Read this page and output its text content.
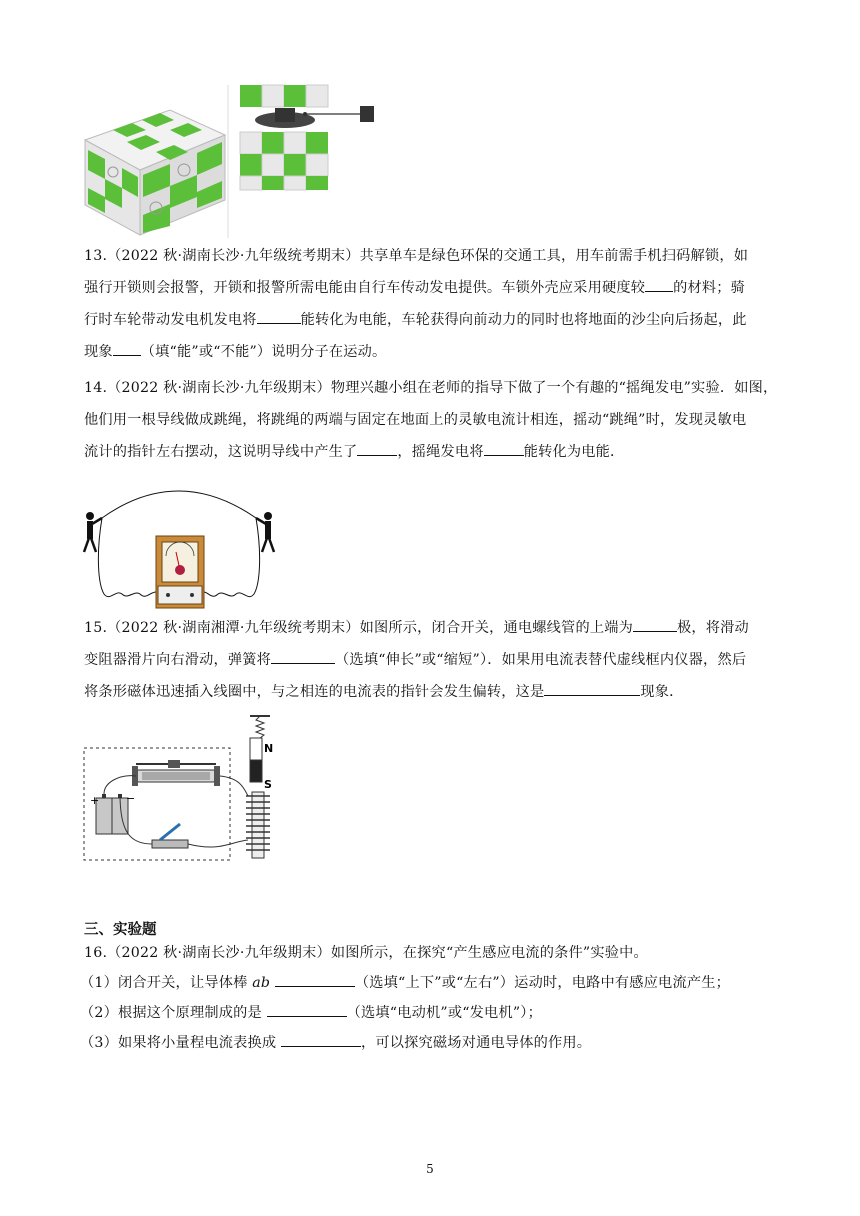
13.（2022 秋·湖南长沙·九年级统考期末）共享单车是绿色环保的交通工具，用车前需手机扫码解锁，如
强行开锁则会报警，开锁和报警所需电能由自行车传动发电提供。车锁外壳应采用硬度较 的材料；骑
行时车轮带动发电机发电将	能转化为电能，车轮获得向前动力的同时也将地面的沙尘向后扬起，此
现象 （填“能”或“不能”）说明分子在运动。
14.（2022 秋·湖南长沙·九年级期末）物理兴趣小组在老师的指导下做了一个有趣的“摇绳发电”实验．如图，
他们用一根导线做成跳绳，将跳绳的两端与固定在地面上的灵敏电流计相连，摇动“跳绳”时，发现灵敏电
流计的指针左右摆动，这说明导线中产生了	，摇绳发电将	能转化为电能．
15.（2022 秋·湖南湘潭·九年级统考期末）如图所示，闭合开关，通电螺线管的上端为	极，将滑动
变阻器滑片向右滑动，弹簧将	（选填“伸长”或“缩短”）．如果用电流表替代虚线框内仪器，然后
将条形磁体迅速插入线圈中，与之相连的电流表的指针会发生偏转，这是	现象．
+ −
N
S
三、实验题
16.（2022 秋·湖南长沙·九年级期末）如图所示，在探究“产生感应电流的条件”实验中。
（1）闭合开关，让导体棒 ab	（选填“上下”或“左右”）运动时，电路中有感应电流产生；
（2）根据这个原理制成的是	（选填“电动机”或“发电机”）；
（3）如果将小量程电流表换成	，可以探究磁场对通电导体的作用。
5
